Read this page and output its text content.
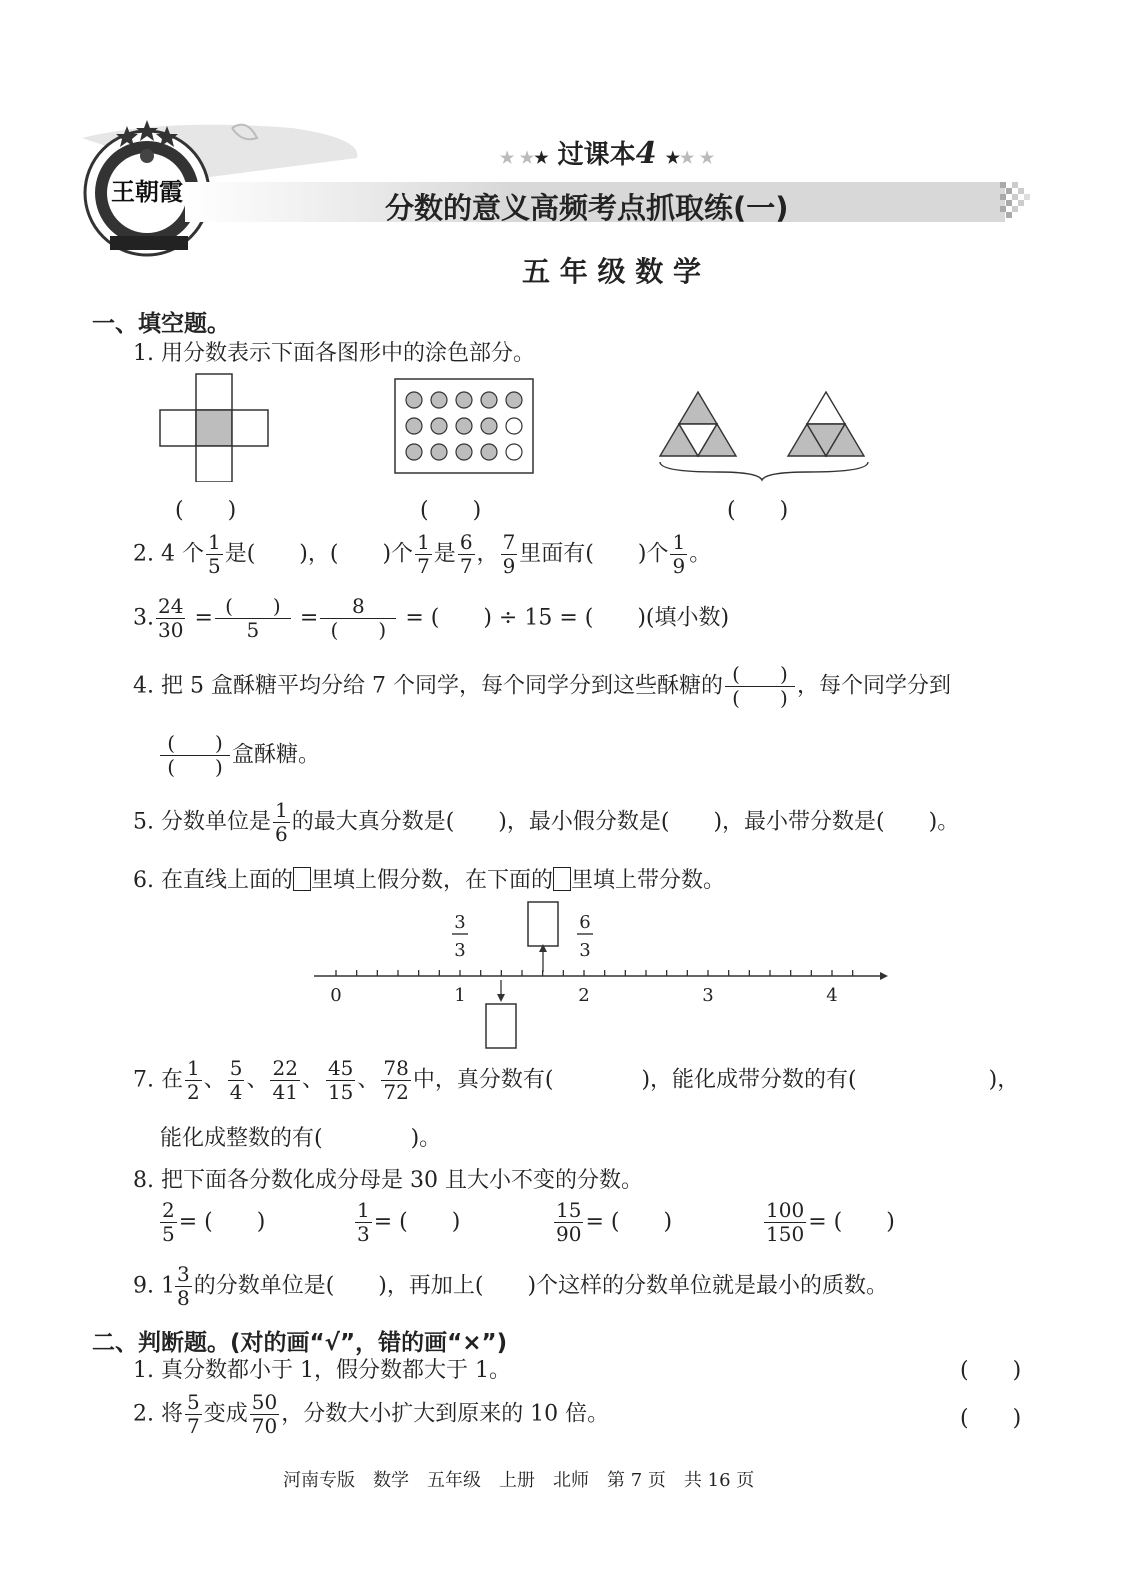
王朝霞
★ ★★ 过课本4 ★★ ★
分数的意义高频考点抓取练(一)
五 年 级 数 学
一、填空题。
1. 用分数表示下面各图形中的涂色部分。
(　　)	(　　)	(　　)
2. 4 个 $\frac{1}{5}$ 是(　　)，(　　)个 $\frac{1}{7}$ 是 $\frac{6}{7}$ ， $\frac{7}{9}$ 里面有(　　)个 $\frac{1}{9}$ 。
3. $\frac{24}{30} = \frac{( )}{5} = \frac{8}{( )}$ = (　　) ÷ 15 = (　　)(填小数)
4. 把 5 盒酥糖平均分给 7 个同学，每个同学分到这些酥糖的 $\frac{( )}{( )}$ ，每个同学分到
$\frac{( )}{( )}$ 盒酥糖。
5. 分数单位是 $\frac{1}{6}$ 的最大真分数是(　　)，最小假分数是(　　)，最小带分数是(　　)。
6. 在直线上面的 里填上假分数，在下面的 里填上带分数。
0	1	2	3	4
3
3
6
3
7. 在 $\frac{1}{2}$ 、 $\frac{5}{4}$ 、 $\frac{22}{41}$ 、 $\frac{45}{15}$ 、 $\frac{78}{72}$ 中，真分数有(　　　　)，能化成带分数的有(　　　　　　)，
能化成整数的有(　　　　)。
8. 把下面各分数化成分母是 30 且大小不变的分数。
$\frac{2}{5}$ = (　　)	$\frac{1}{3}$ = (　　)	$\frac{15}{90}$ = (　　)	$\frac{100}{150}$ = (　　)
9. $1 \frac{3}{8}$ 的分数单位是(　　)，再加上(　　)个这样的分数单位就是最小的质数。
二、判断题。(对的画“√”，错的画“×”)
1. 真分数都小于 1，假分数都大于 1。	(　　)
2. 将 $\frac{5}{7}$ 变成 $\frac{50}{70}$ ，分数大小扩大到原来的 10 倍。	(　　)
河南专版　数学　五年级　上册　北师　第 7 页　共 16 页
